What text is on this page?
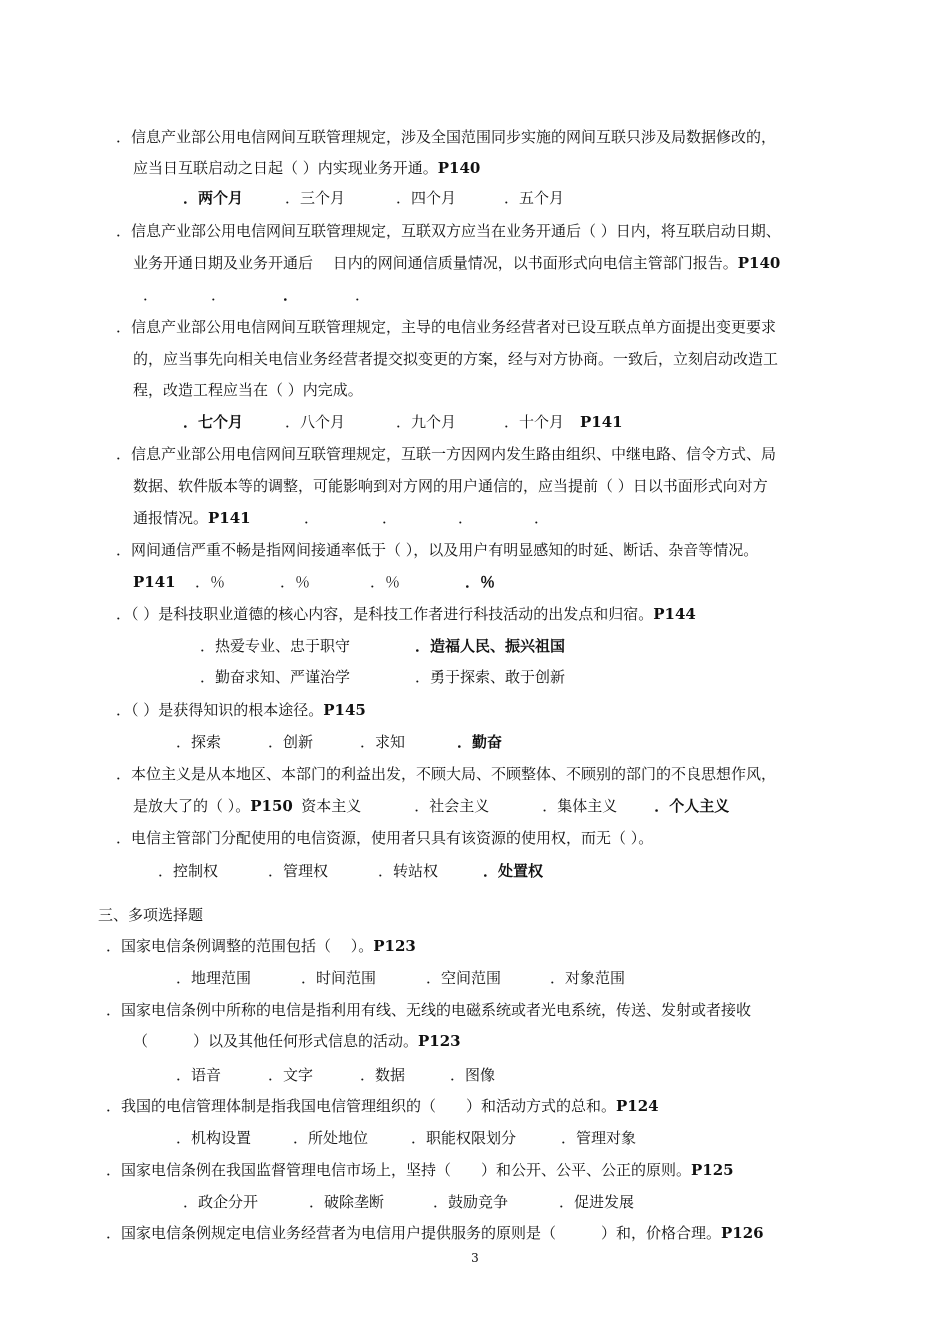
．信息产业部公用电信网间互联管理规定，涉及全国范围同步实施的网间互联只涉及局数据修改的，
应当日互联启动之日起（ ）内实现业务开通。P140
．两个月	．三个月	．四个月	．五个月
．信息产业部公用电信网间互联管理规定，互联双方应当在业务开通后（ ）日内，将互联启动日期、
业务开通日期及业务开通后　 日内的网间通信质量情况，以书面形式向电信主管部门报告。P140
．	．	．	．
．信息产业部公用电信网间互联管理规定，主导的电信业务经营者对已设互联点单方面提出变更要求
的，应当事先向相关电信业务经营者提交拟变更的方案，经与对方协商。一致后，立刻启动改造工
程，改造工程应当在（ ）内完成。
．七个月	．八个月	．九个月	．十个月 P141
．信息产业部公用电信网间互联管理规定，互联一方因网内发生路由组织、中继电路、信令方式、局
数据、软件版本等的调整，可能影响到对方网的用户通信的，应当提前（ ）日以书面形式向对方
通报情况。P141	．	．	．	．
．网间通信严重不畅是指网间接通率低于（ ），以及用户有明显感知的时延、断话、杂音等情况。
P141 ．％	．％	．％	．％
．（ ）是科技职业道德的核心内容，是科技工作者进行科技活动的出发点和归宿。P144
．热爱专业、忠于职守	．造福人民、振兴祖国
．勤奋求知、严谨治学	．勇于探索、敢于创新
．（ ）是获得知识的根本途径。P145
．探索	．创新	．求知	．勤奋
．本位主义是从本地区、本部门的利益出发，不顾大局、不顾整体、不顾别的部门的不良思想作风，
是放大了的（ ）。P150．资本主义	．社会主义	．集体主义 ．个人主义
．电信主管部门分配使用的电信资源，使用者只具有该资源的使用权，而无（ ）。
．控制权	．管理权	．转站权	．处置权
三、多项选择题
．国家电信条例调整的范围包括（　 ）。P123
．地理范围	．时间范围	．空间范围	．对象范围
．国家电信条例中所称的电信是指利用有线、无线的电磁系统或者光电系统，传送、发射或者接收
（　　　）以及其他任何形式信息的活动。P123
．语音	．文字	．数据	．图像
．我国的电信管理体制是指我国电信管理组织的（　　）和活动方式的总和。P124
．机构设置	．所处地位	．职能权限划分	．管理对象
．国家电信条例在我国监督管理电信市场上，坚持（　　）和公开、公平、公正的原则。P125
．政企分开	．破除垄断	．鼓励竞争	．促进发展
．国家电信条例规定电信业务经营者为电信用户提供服务的原则是（　　　）和，价格合理。P126
3
